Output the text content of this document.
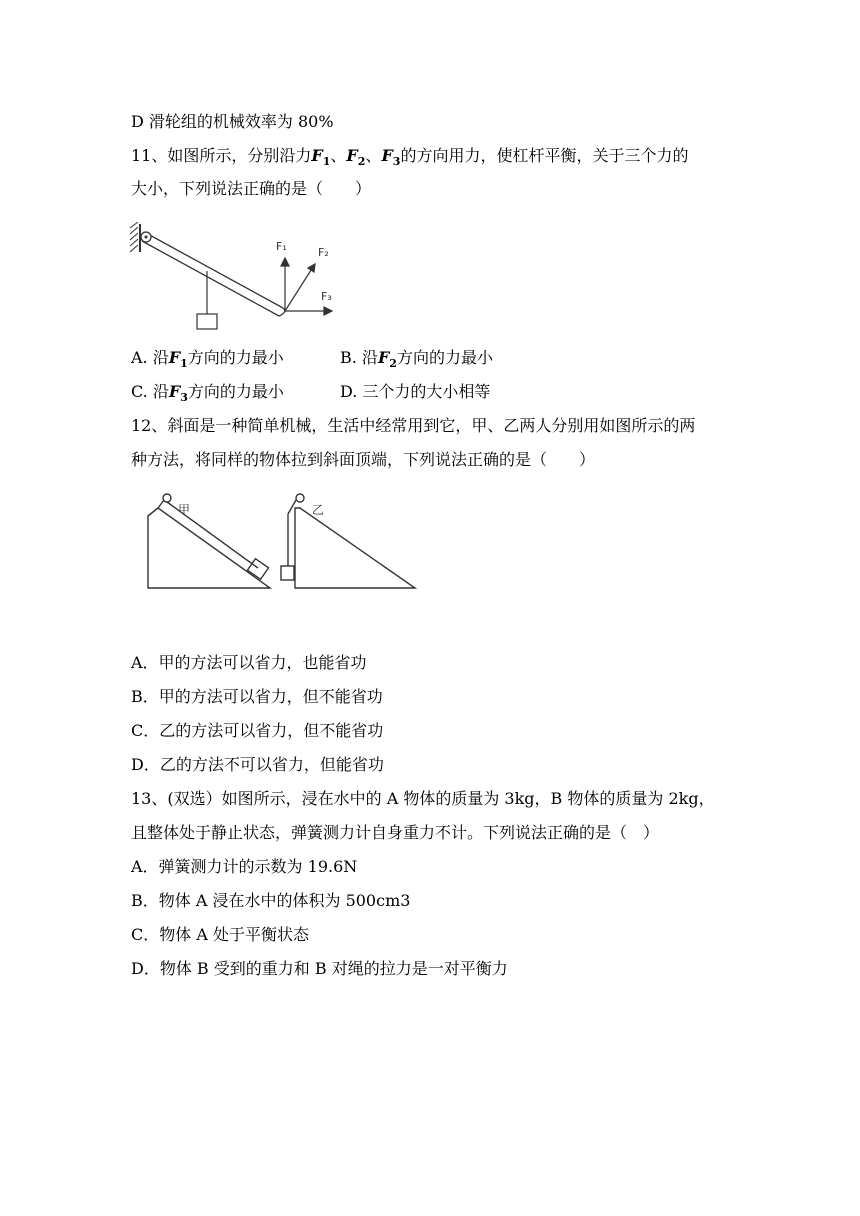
D 滑轮组的机械效率为 80%
11、如图所示，分别沿力$F_1$、$F_2$、$F_3$的方向用力，使杠杆平衡，关于三个力的
大小，下列说法正确的是（　　）
F₁	F₂
F₃
A. 沿$F_1$方向的力最小	B. 沿$F_2$方向的力最小
C. 沿$F_3$方向的力最小	D. 三个力的大小相等
12、斜面是一种简单机械，生活中经常用到它，甲、乙两人分别用如图所示的两
种方法，将同样的物体拉到斜面顶端，下列说法正确的是（　　）
甲	乙
A．甲的方法可以省力，也能省功
B．甲的方法可以省力，但不能省功
C．乙的方法可以省力，但不能省功
D．乙的方法不可以省力，但能省功
13、(双选）如图所示，浸在水中的 A 物体的质量为 3kg，B 物体的质量为 2kg，
且整体处于静止状态，弹簧测力计自身重力不计。下列说法正确的是（　）
A．弹簧测力计的示数为 19.6N
B．物体 A 浸在水中的体积为 500cm3
C．物体 A 处于平衡状态
D．物体 B 受到的重力和 B 对绳的拉力是一对平衡力
